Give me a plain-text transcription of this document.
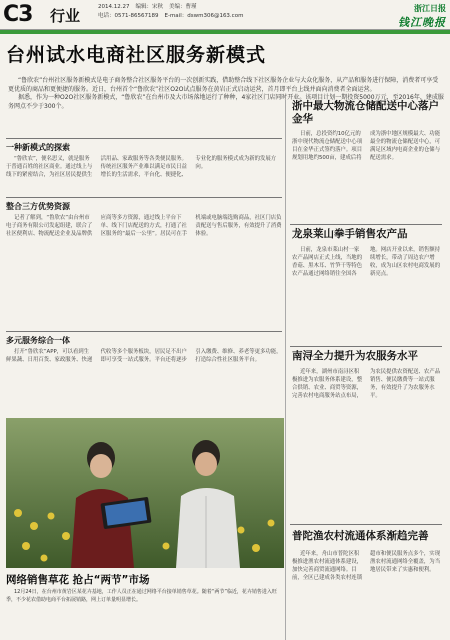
C3 行业	2014.12.27 编辑：宋秋 美编：曹瑾
电话：0571-86567189 E-mail：dswm306@163.com
浙江日报
钱江晚报
台州试水电商社区服务新模式

“鲁欣农”台州社区服务新模式是电子商务整合社区服务平台的一次创新实践，借助整合线下社区服务企业与大众化服务，从产品和服务进行保障，消费者可享受更优质的商品和更便捷的服务。近日，台州首个“鲁欣农”社区O2O试点服务在黄岩正式启动运营，首月即平台上线并面向消费者全面运营。

据悉，作为一种O2O社区服务新模式，“鲁欣农”在台州市及大市场落地运行了种种，4家社区门店同时开业。该项目计划一期投资5000万元，至2016年，建成服务网点不少于300个。

一种新模式的探索
“鲁欣农”，便名思义，就是服务于普通百姓的社区商业。通过线上与线下的紧密结合，为社区居民提供生活用品、家政服务等各类便民服务。传统社区服务产业难以满足市民日益增长的生活需求，平台化、便捷化、专业化的服务模式成为新的发展方向。
整合三方优势资源
记者了解到，“鲁欣农”由台州市电子商务有限公司发起组建，联合了社区便利店、物流配送企业及品牌供应商等多方资源，通过线上平台下单、线下门店配送的方式，打通了社区服务的“最后一公里”。居民可在手机端或电脑端选购商品，社区门店负责配送与售后服务，有效提升了消费体验。
多元服务综合一体
打开“鲁欣农”APP，可以看到生鲜果蔬、日用百货、家政服务、快递代收等多个服务板块，居民足不出户即可享受一站式服务。平台还将逐步引入缴费、维修、养老等更多功能，打造综合性社区服务平台。
网络销售草花 抢占“两节”市场
12月24日，在台州市黄岩区某花卉基地，工作人员正在通过网络平台接单销售草花。随着“两节”临近，花卉销售进入旺季，不少花农借助电商平台拓展销路，网上订单量明显增长。
浙中最大物流仓储配送中心落户金华
日前，总投资约10亿元的浙中现代物流仓储配送中心项目在金华正式签约落户。项目规划用地约500亩，建成后将成为浙中地区规模最大、功能最全的物流仓储配送中心，可满足区域内电商企业的仓储与配送需求。
龙泉莱山拳手销售农产品
日前，龙泉市莱山村一家农产品网店正式上线，当地的香菇、黑木耳、竹笋干等特色农产品通过网络销往全国各地。网店开业以来，销售额持续增长，带动了周边农户增收，成为山区农村电商发展的新亮点。
南浔全力提升为农服务水平
近年来，湖州市南浔区积极推进为农服务体系建设，整合供销、农业、商贸等资源，完善农村电商服务站点布局，为农民提供农资配送、农产品销售、便民缴费等一站式服务，有效提升了为农服务水平。
普陀渔农村流通体系渐趋完善
近年来，舟山市普陀区积极推进渔农村流通体系建设，加快完善商贸流通网络。目前，全区已建成各类农村连锁超市和便民服务点多个，实现渔农村流通网络全覆盖，为当地居民带来了实惠和便利。
